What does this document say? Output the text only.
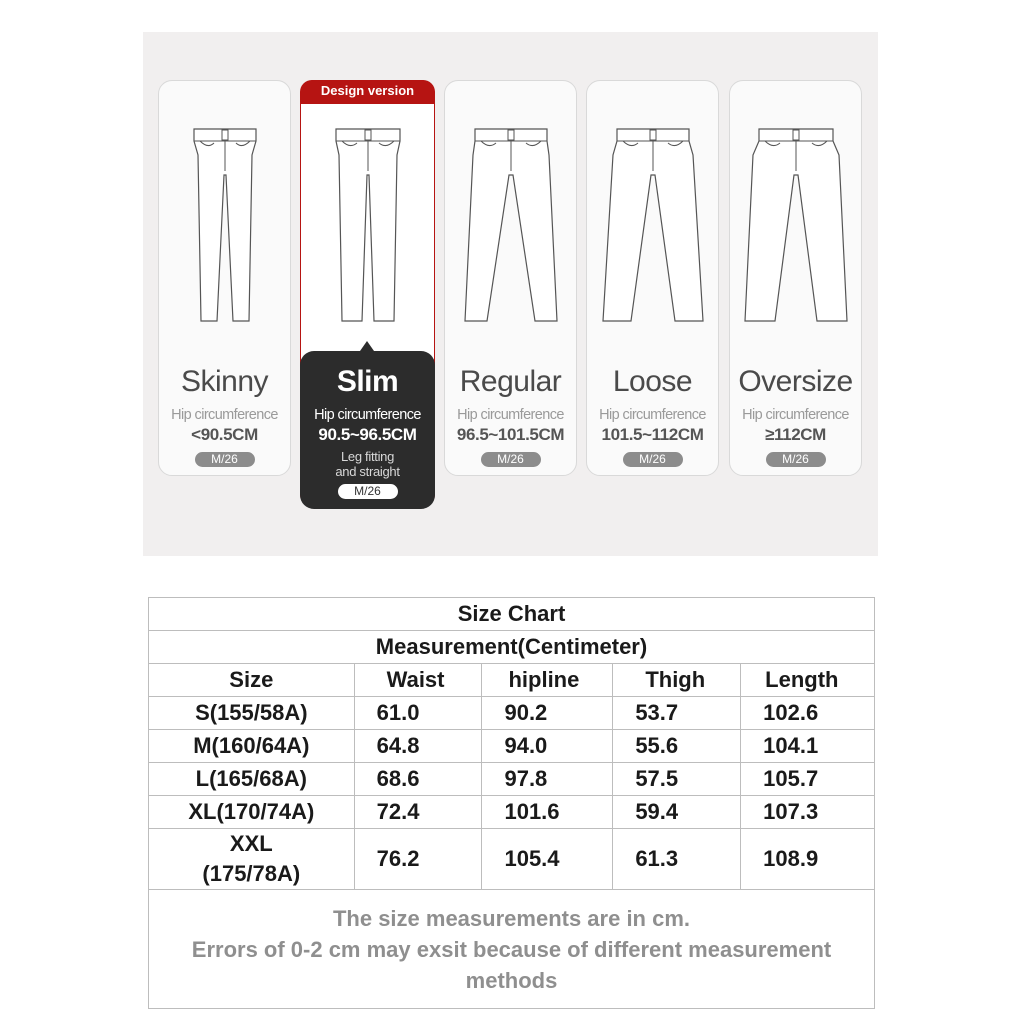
Skinny
Hip circumference
<90.5CM
M/26
Design version
Slim
Hip circumference
90.5~96.5CM
Leg fitting
and straight
M/26
Regular
Hip circumference
96.5~101.5CM
M/26
Loose
Hip circumference
101.5~112CM
M/26
Oversize
Hip circumference
≥112CM
M/26
Size Chart				
Measurement(Centimeter)				
Size	Waist	hipline	Thigh	Length
S(155/58A)	61.0	90.2	53.7	102.6
M(160/64A)	64.8	94.0	55.6	104.1
L(165/68A)	68.6	97.8	57.5	105.7
XL(170/74A)	72.4	101.6	59.4	107.3

XXL
(175/78A)	76.2	105.4	61.3	108.9

The size measurements are in cm.
Errors of 0-2 cm may exsit because of different measurement
methods				
